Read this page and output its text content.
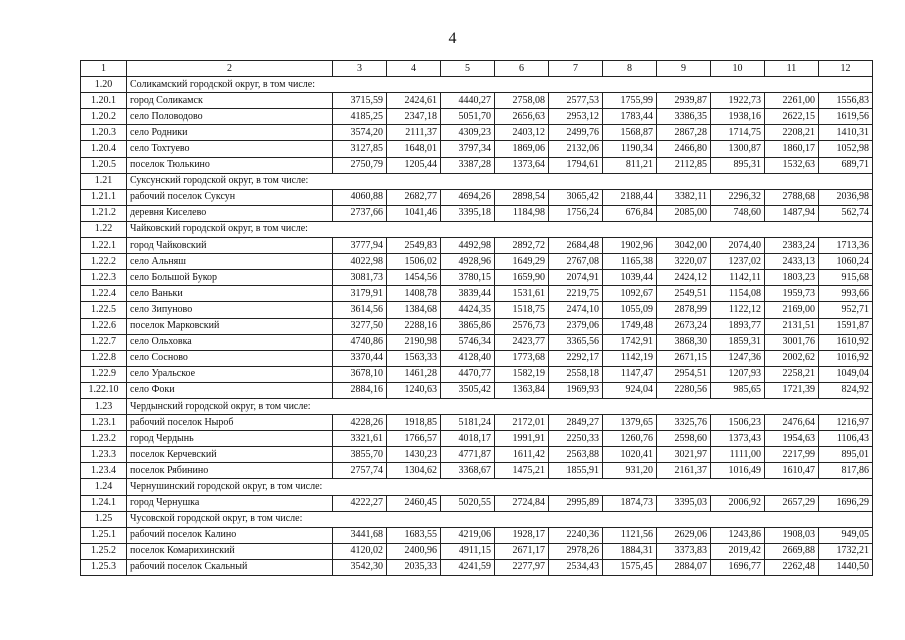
4
1	2	3	4	5	6	7	8	9	10	11	12
1.20	Соликамский городской округ, в том числе:										
1.20.1	город Соликамск	3715,59	2424,61	4440,27	2758,08	2577,53	1755,99	2939,87	1922,73	2261,00	1556,83
1.20.2	село Половодово	4185,25	2347,18	5051,70	2656,63	2953,12	1783,44	3386,35	1938,16	2622,15	1619,56
1.20.3	село Родники	3574,20	2111,37	4309,23	2403,12	2499,76	1568,87	2867,28	1714,75	2208,21	1410,31
1.20.4	село Тохтуево	3127,85	1648,01	3797,34	1869,06	2132,06	1190,34	2466,80	1300,87	1860,17	1052,98
1.20.5	поселок Тюлькино	2750,79	1205,44	3387,28	1373,64	1794,61	811,21	2112,85	895,31	1532,63	689,71
1.21	Суксунский городской округ, в том числе:										
1.21.1	рабочий поселок Суксун	4060,88	2682,77	4694,26	2898,54	3065,42	2188,44	3382,11	2296,32	2788,68	2036,98
1.21.2	деревня Киселево	2737,66	1041,46	3395,18	1184,98	1756,24	676,84	2085,00	748,60	1487,94	562,74
1.22	Чайковский городской округ, в том числе:										
1.22.1	город Чайковский	3777,94	2549,83	4492,98	2892,72	2684,48	1902,96	3042,00	2074,40	2383,24	1713,36
1.22.2	село Альняш	4022,98	1506,02	4928,96	1649,29	2767,08	1165,38	3220,07	1237,02	2433,13	1060,24
1.22.3	село Большой Букор	3081,73	1454,56	3780,15	1659,90	2074,91	1039,44	2424,12	1142,11	1803,23	915,68
1.22.4	село Ваньки	3179,91	1408,78	3839,44	1531,61	2219,75	1092,67	2549,51	1154,08	1959,73	993,66
1.22.5	село Зипуново	3614,56	1384,68	4424,35	1518,75	2474,10	1055,09	2878,99	1122,12	2169,00	952,71
1.22.6	поселок Марковский	3277,50	2288,16	3865,86	2576,73	2379,06	1749,48	2673,24	1893,77	2131,51	1591,87
1.22.7	село Ольховка	4740,86	2190,98	5746,34	2423,77	3365,56	1742,91	3868,30	1859,31	3001,76	1610,92
1.22.8	село Сосново	3370,44	1563,33	4128,40	1773,68	2292,17	1142,19	2671,15	1247,36	2002,62	1016,92
1.22.9	село Уральское	3678,10	1461,28	4470,77	1582,19	2558,18	1147,47	2954,51	1207,93	2258,21	1049,04
1.22.10	село Фоки	2884,16	1240,63	3505,42	1363,84	1969,93	924,04	2280,56	985,65	1721,39	824,92
1.23	Чердынский городской округ, в том числе:										
1.23.1	рабочий поселок Ныроб	4228,26	1918,85	5181,24	2172,01	2849,27	1379,65	3325,76	1506,23	2476,64	1216,97
1.23.2	город Чердынь	3321,61	1766,57	4018,17	1991,91	2250,33	1260,76	2598,60	1373,43	1954,63	1106,43
1.23.3	поселок Керчевский	3855,70	1430,23	4771,87	1611,42	2563,88	1020,41	3021,97	1111,00	2217,99	895,01
1.23.4	поселок Рябинино	2757,74	1304,62	3368,67	1475,21	1855,91	931,20	2161,37	1016,49	1610,47	817,86
1.24	Чернушинский городской округ, в том числе:										
1.24.1	город Чернушка	4222,27	2460,45	5020,55	2724,84	2995,89	1874,73	3395,03	2006,92	2657,29	1696,29
1.25	Чусовской городской округ, в том числе:										
1.25.1	рабочий поселок Калино	3441,68	1683,55	4219,06	1928,17	2240,36	1121,56	2629,06	1243,86	1908,03	949,05
1.25.2	поселок Комарихинский	4120,02	2400,96	4911,15	2671,17	2978,26	1884,31	3373,83	2019,42	2669,88	1732,21
1.25.3	рабочий поселок Скальный	3542,30	2035,33	4241,59	2277,97	2534,43	1575,45	2884,07	1696,77	2262,48	1440,50
